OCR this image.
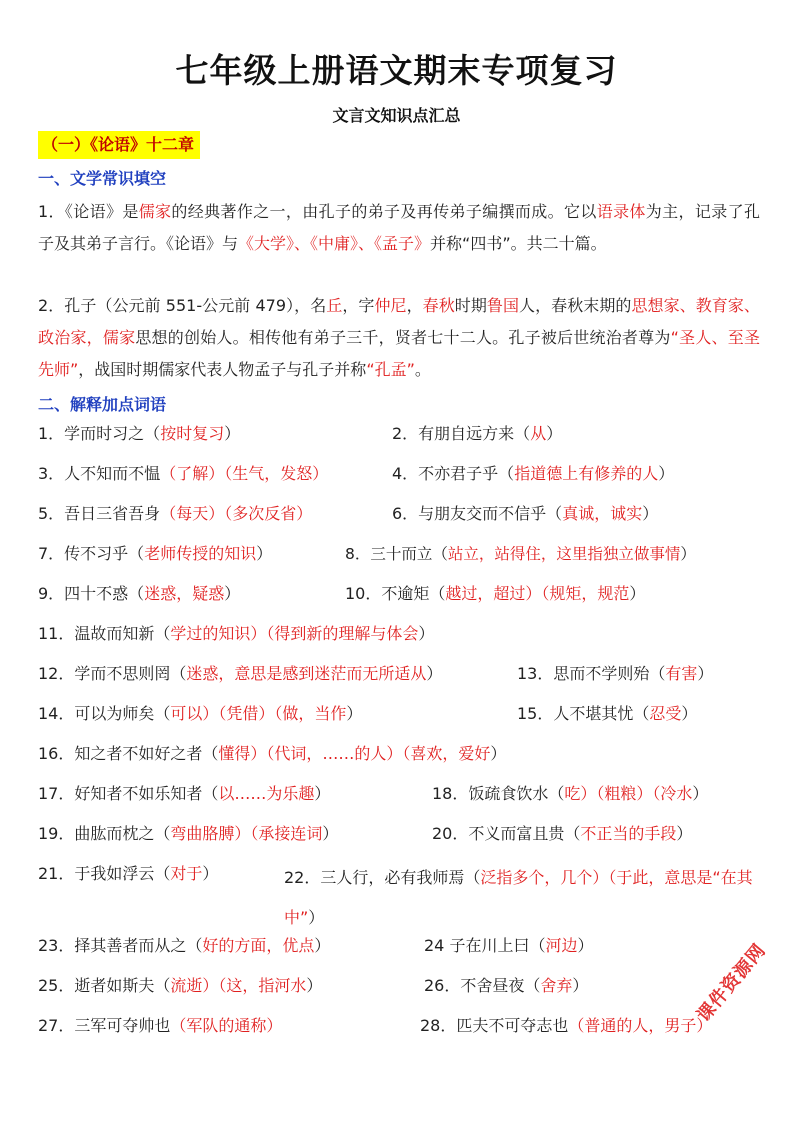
七年级上册语文期末专项复习
文言文知识点汇总
（一）《论语》十二章
一、文学常识填空
1．《论语》是儒家的经典著作之一，由孔子的弟子及再传弟子编撰而成。它以语录体为主，记录了孔子及其弟子言行。《论语》与《大学》、《中庸》、《孟子》并称“四书”。共二十篇。
2．孔子（公元前 551-公元前 479），名丘，字仲尼，春秋时期鲁国人，春秋末期的思想家、教育家、政治家，儒家思想的创始人。相传他有弟子三千，贤者七十二人。孔子被后世统治者尊为“圣人、至圣先师”，战国时期儒家代表人物孟子与孔子并称“孔孟”。
二、解释加点词语
1．学而时习之（按时复习）	2．有朋自远方来（从）
3．人不知而不愠（了解）（生气，发怒）	4．不亦君子乎（指道德上有修养的人）
5．吾日三省吾身（每天）（多次反省）	6．与朋友交而不信乎（真诚，诚实）
7．传不习乎（老师传授的知识）	8．三十而立（站立，站得住，这里指独立做事情）
9．四十不惑（迷惑，疑惑）	10．不逾矩（越过，超过）（规矩，规范）
11．温故而知新（学过的知识）（得到新的理解与体会）
12．学而不思则罔（迷惑，意思是感到迷茫而无所适从）	13．思而不学则殆（有害）
14．可以为师矣（可以）（凭借）（做，当作）	15．人不堪其忧（忍受）
16．知之者不如好之者（懂得）（代词，……的人）（喜欢，爱好）
17．好知者不如乐知者（以……为乐趣）	18．饭疏食饮水（吃）（粗粮）（冷水）
19．曲肱而枕之（弯曲胳膊）（承接连词）	20．不义而富且贵（不正当的手段）
21．于我如浮云（对于）	22．三人行，必有我师焉（泛指多个，几个）（于此，意思是“在其中”）
23．择其善者而从之（好的方面，优点）	24 子在川上曰（河边）
25．逝者如斯夫（流逝）（这，指河水）	26．不舍昼夜（舍弃）
27．三军可夺帅也（军队的通称）	28．匹夫不可夺志也（普通的人，男子）
课件资源网
